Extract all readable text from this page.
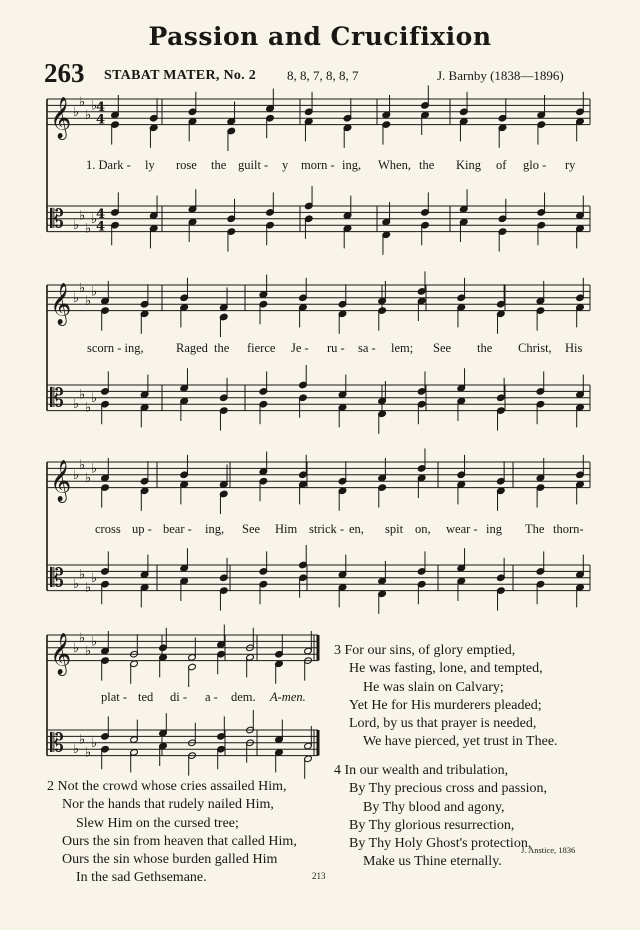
Passion and Crucifixion
263 STABAT MATER, No. 2 8, 8, 7, 8, 8, 7	J. Barnby (1838—1896)
𝄞
𝄡
♭
♭
♭
♭
♭
♭
♭
♭
4
4
4
4
𝄞
𝄡
♭
♭
♭
♭
♭
♭
♭
♭
𝄞
𝄡
♭
♭
♭
♭
♭
♭
♭
♭
𝄞
𝄡
♭
♭
♭
♭
♭
♭
♭
♭
1. Dark - ly rose the guilt - y morn - ing, When, the King of glo - ry
scorn - ing,	Raged the fierce Je - ru - sa - lem; See the Christ, His
cross up - bear - ing, See Him strick - en, spit on, wear - ing The thorn-
plat - ted di - a - dem. A-men.
3 For our sins, of glory emptied,
He was fasting, lone, and tempted,
He was slain on Calvary;
Yet He for His murderers pleaded;
Lord, by us that prayer is needed,
We have pierced, yet trust in Thee.
2 Not the crowd whose cries assailed Him,
Nor the hands that rudely nailed Him,
Slew Him on the cursed tree;
Ours the sin from heaven that called Him,
Ours the sin whose burden galled Him
In the sad Gethsemane.
4 In our wealth and tribulation,
By Thy precious cross and passion,
By Thy blood and agony,
By Thy glorious resurrection,
By Thy Holy Ghost's protection,
Make us Thine eternally.
J. Anstice, 1836
213
